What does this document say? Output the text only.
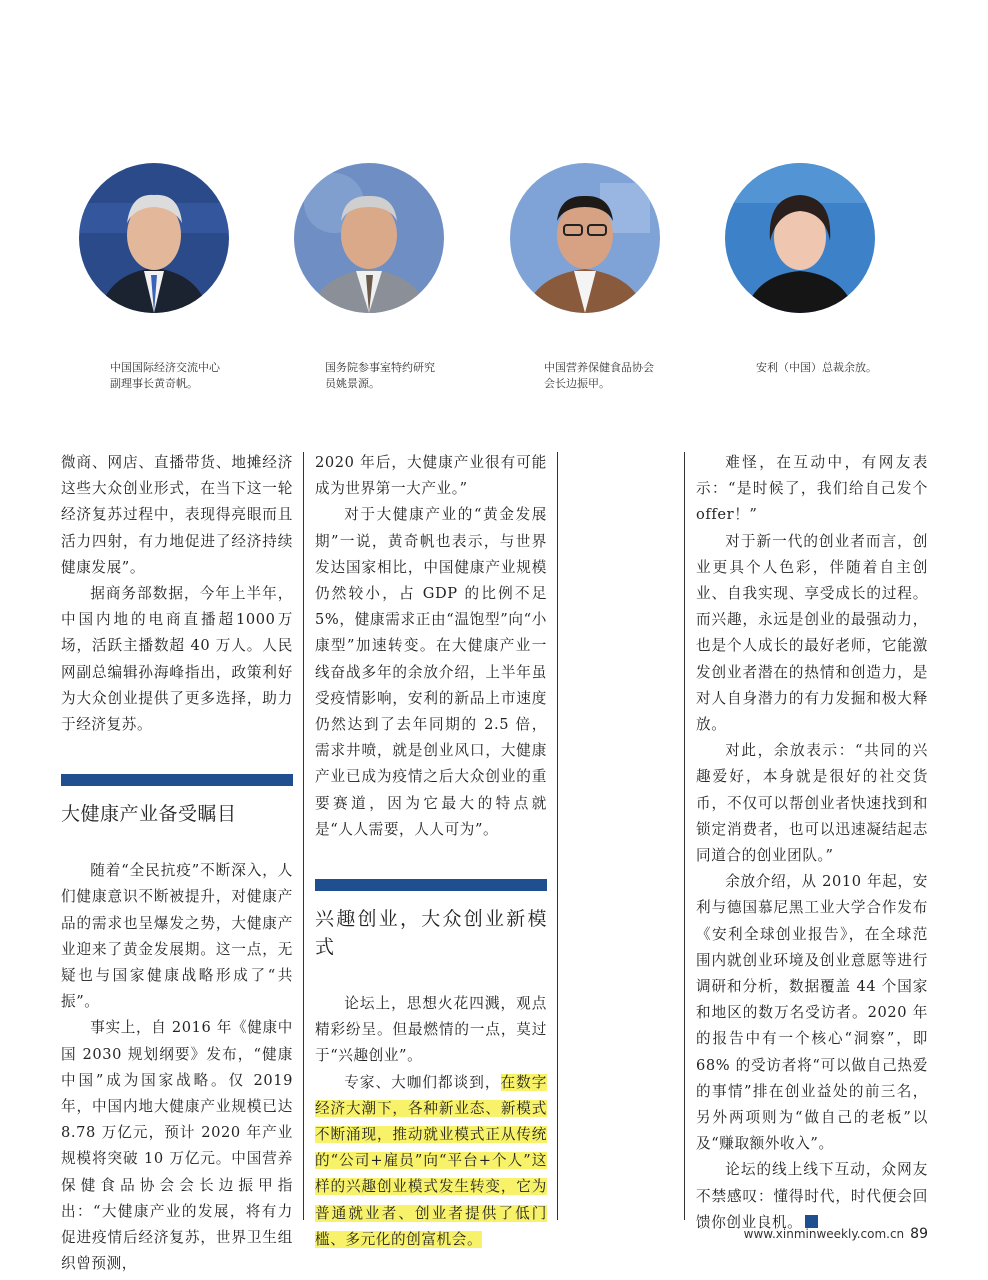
中国国际经济交流中心
副理事长黄奇帆。
国务院参事室特约研究
员姚景源。
中国营养保健食品协会
会长边振甲。
安利（中国）总裁余放。

微商、网店、直播带货、地摊经济这些大众创业形式，在当下这一轮经济复苏过程中，表现得亮眼而且活力四射，有力地促进了经济持续健康发展”。

据商务部数据，今年上半年，中国内地的电商直播超1000万场，活跃主播数超 40 万人。人民网副总编辑孙海峰指出，政策利好为大众创业提供了更多选择，助力于经济复苏。

大健康产业备受瞩目

随着“全民抗疫”不断深入，人们健康意识不断被提升，对健康产品的需求也呈爆发之势，大健康产业迎来了黄金发展期。这一点，无疑也与国家健康战略形成了“共振”。

事实上，自 2016 年《健康中国 2030 规划纲要》发布，“健康中国”成为国家战略。仅 2019 年，中国内地大健康产业规模已达 8.78 万亿元，预计 2020 年产业规模将突破 10 万亿元。中国营养保健食品协会会长边振甲指出：“大健康产业的发展，将有力促进疫情后经济复苏，世界卫生组织曾预测，

2020 年后，大健康产业很有可能成为世界第一大产业。”

对于大健康产业的“黄金发展期”一说，黄奇帆也表示，与世界发达国家相比，中国健康产业规模仍然较小，占 GDP 的比例不足 5%，健康需求正由“温饱型”向“小康型”加速转变。在大健康产业一线奋战多年的余放介绍，上半年虽受疫情影响，安利的新品上市速度仍然达到了去年同期的 2.5 倍，需求井喷，就是创业风口，大健康产业已成为疫情之后大众创业的重要赛道，因为它最大的特点就是“人人需要，人人可为”。

兴趣创业，大众创业新模式

论坛上，思想火花四溅，观点精彩纷呈。但最燃情的一点，莫过于“兴趣创业”。

专家、大咖们都谈到，在数字经济大潮下，各种新业态、新模式不断涌现，推动就业模式正从传统的“公司+雇员”向“平台+个人”这样的兴趣创业模式发生转变，它为普通就业者、创业者提供了低门槛、多元化的创富机会。

难怪，在互动中，有网友表示：“是时候了，我们给自己发个 offer！”

对于新一代的创业者而言，创业更具个人色彩，伴随着自主创业、自我实现、享受成长的过程。而兴趣，永远是创业的最强动力，也是个人成长的最好老师，它能激发创业者潜在的热情和创造力，是对人自身潜力的有力发掘和极大释放。

对此，余放表示：“共同的兴趣爱好，本身就是很好的社交货币，不仅可以帮创业者快速找到和锁定消费者，也可以迅速凝结起志同道合的创业团队。”

余放介绍，从 2010 年起，安利与德国慕尼黑工业大学合作发布《安利全球创业报告》，在全球范围内就创业环境及创业意愿等进行调研和分析，数据覆盖 44 个国家和地区的数万名受访者。2020 年的报告中有一个核心“洞察”，即 68% 的受访者将“可以做自己热爱的事情”排在创业益处的前三名，另外两项则为“做自己的老板”以及“赚取额外收入”。

论坛的线上线下互动，众网友不禁感叹：懂得时代，时代便会回馈你创业良机。

www.xinminweekly.com.cn 89
